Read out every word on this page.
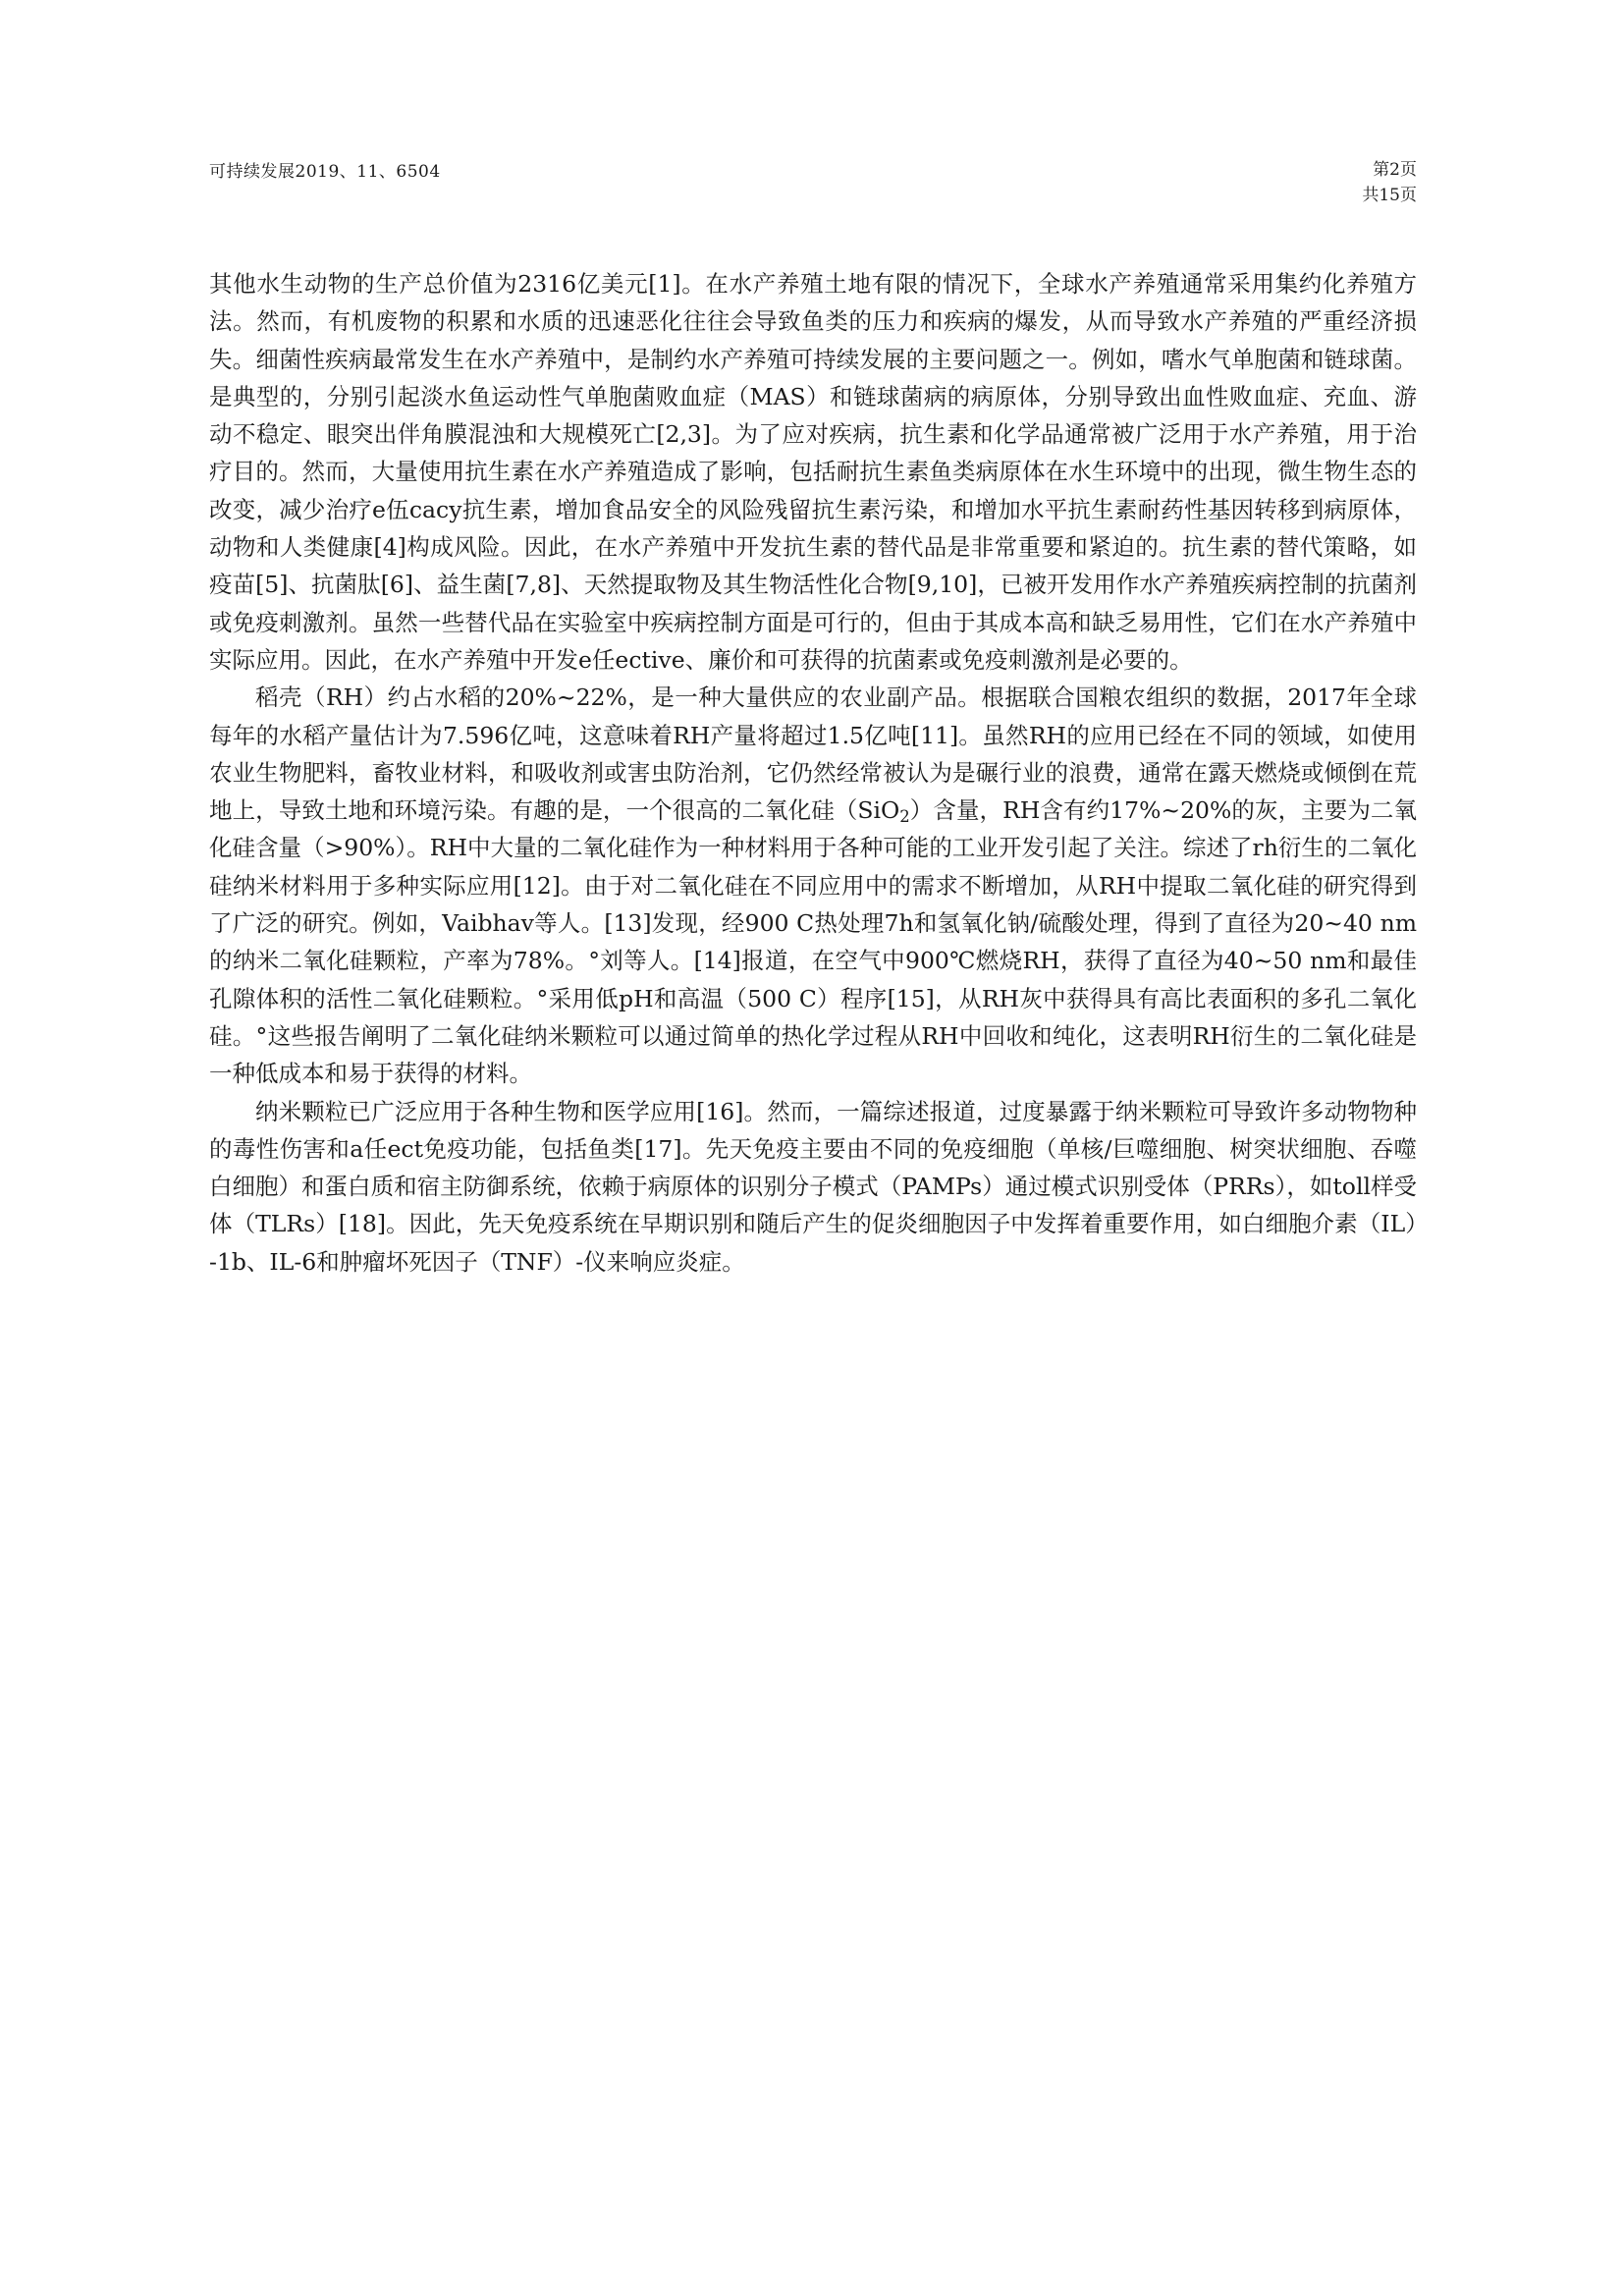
可持续发展2019、11、6504	第2页
共15页

其他水生动物的生产总价值为2316亿美元[1]。在水产养殖土地有限的情况下，全球水产养殖通常采用集约化养殖方法。然而，有机废物的积累和水质的迅速恶化往往会导致鱼类的压力和疾病的爆发，从而导致水产养殖的严重经济损失。细菌性疾病最常发生在水产养殖中，是制约水产养殖可持续发展的主要问题之一。例如，嗜水气单胞菌和链球菌。是典型的，分别引起淡水鱼运动性气单胞菌败血症（MAS）和链球菌病的病原体，分别导致出血性败血症、充血、游动不稳定、眼突出伴角膜混浊和大规模死亡[2,3]。为了应对疾病，抗生素和化学品通常被广泛用于水产养殖，用于治疗目的。然而，大量使用抗生素在水产养殖造成了影响，包括耐抗生素鱼类病原体在水生环境中的出现，微生物生态的改变，减少治疗e伍cacy抗生素，增加食品安全的风险残留抗生素污染，和增加水平抗生素耐药性基因转移到病原体，动物和人类健康[4]构成风险。因此，在水产养殖中开发抗生素的替代品是非常重要和紧迫的。抗生素的替代策略，如疫苗[5]、抗菌肽[6]、益生菌[7,8]、天然提取物及其生物活性化合物[9,10]，已被开发用作水产养殖疾病控制的抗菌剂或免疫刺激剂。虽然一些替代品在实验室中疾病控制方面是可行的，但由于其成本高和缺乏易用性，它们在水产养殖中实际应用。因此，在水产养殖中开发e任ective、廉价和可获得的抗菌素或免疫刺激剂是必要的。

稻壳（RH）约占水稻的20%~22%，是一种大量供应的农业副产品。根据联合国粮农组织的数据，2017年全球每年的水稻产量估计为7.596亿吨，这意味着RH产量将超过1.5亿吨[11]。虽然RH的应用已经在不同的领域，如使用农业生物肥料，畜牧业材料，和吸收剂或害虫防治剂，它仍然经常被认为是碾行业的浪费，通常在露天燃烧或倾倒在荒地上，导致土地和环境污染。有趣的是，一个很高的二氧化硅（SiO$_2$）含量，RH含有约17%~20%的灰，主要为二氧化硅含量（>90%）。RH中大量的二氧化硅作为一种材料用于各种可能的工业开发引起了关注。综述了rh衍生的二氧化硅纳米材料用于多种实际应用[12]。由于对二氧化硅在不同应用中的需求不断增加，从RH中提取二氧化硅的研究得到了广泛的研究。例如，Vaibhav等人。[13]发现，经900 C热处理7h和氢氧化钠/硫酸处理，得到了直径为20~40 nm的纳米二氧化硅颗粒，产率为78%。°刘等人。[14]报道，在空气中900℃燃烧RH，获得了直径为40~50 nm和最佳孔隙体积的活性二氧化硅颗粒。°采用低pH和高温（500 C）程序[15]，从RH灰中获得具有高比表面积的多孔二氧化硅。°这些报告阐明了二氧化硅纳米颗粒可以通过简单的热化学过程从RH中回收和纯化，这表明RH衍生的二氧化硅是一种低成本和易于获得的材料。

纳米颗粒已广泛应用于各种生物和医学应用[16]。然而，一篇综述报道，过度暴露于纳米颗粒可导致许多动物物种的毒性伤害和a任ect免疫功能，包括鱼类[17]。先天免疫主要由不同的免疫细胞（单核/巨噬细胞、树突状细胞、吞噬白细胞）和蛋白质和宿主防御系统，依赖于病原体的识别分子模式（PAMPs）通过模式识别受体（PRRs），如toll样受体（TLRs）[18]。因此，先天免疫系统在早期识别和随后产生的促炎细胞因子中发挥着重要作用，如白细胞介素（IL）-1b、IL-6和肿瘤坏死因子（TNF）-仪来响应炎症。
